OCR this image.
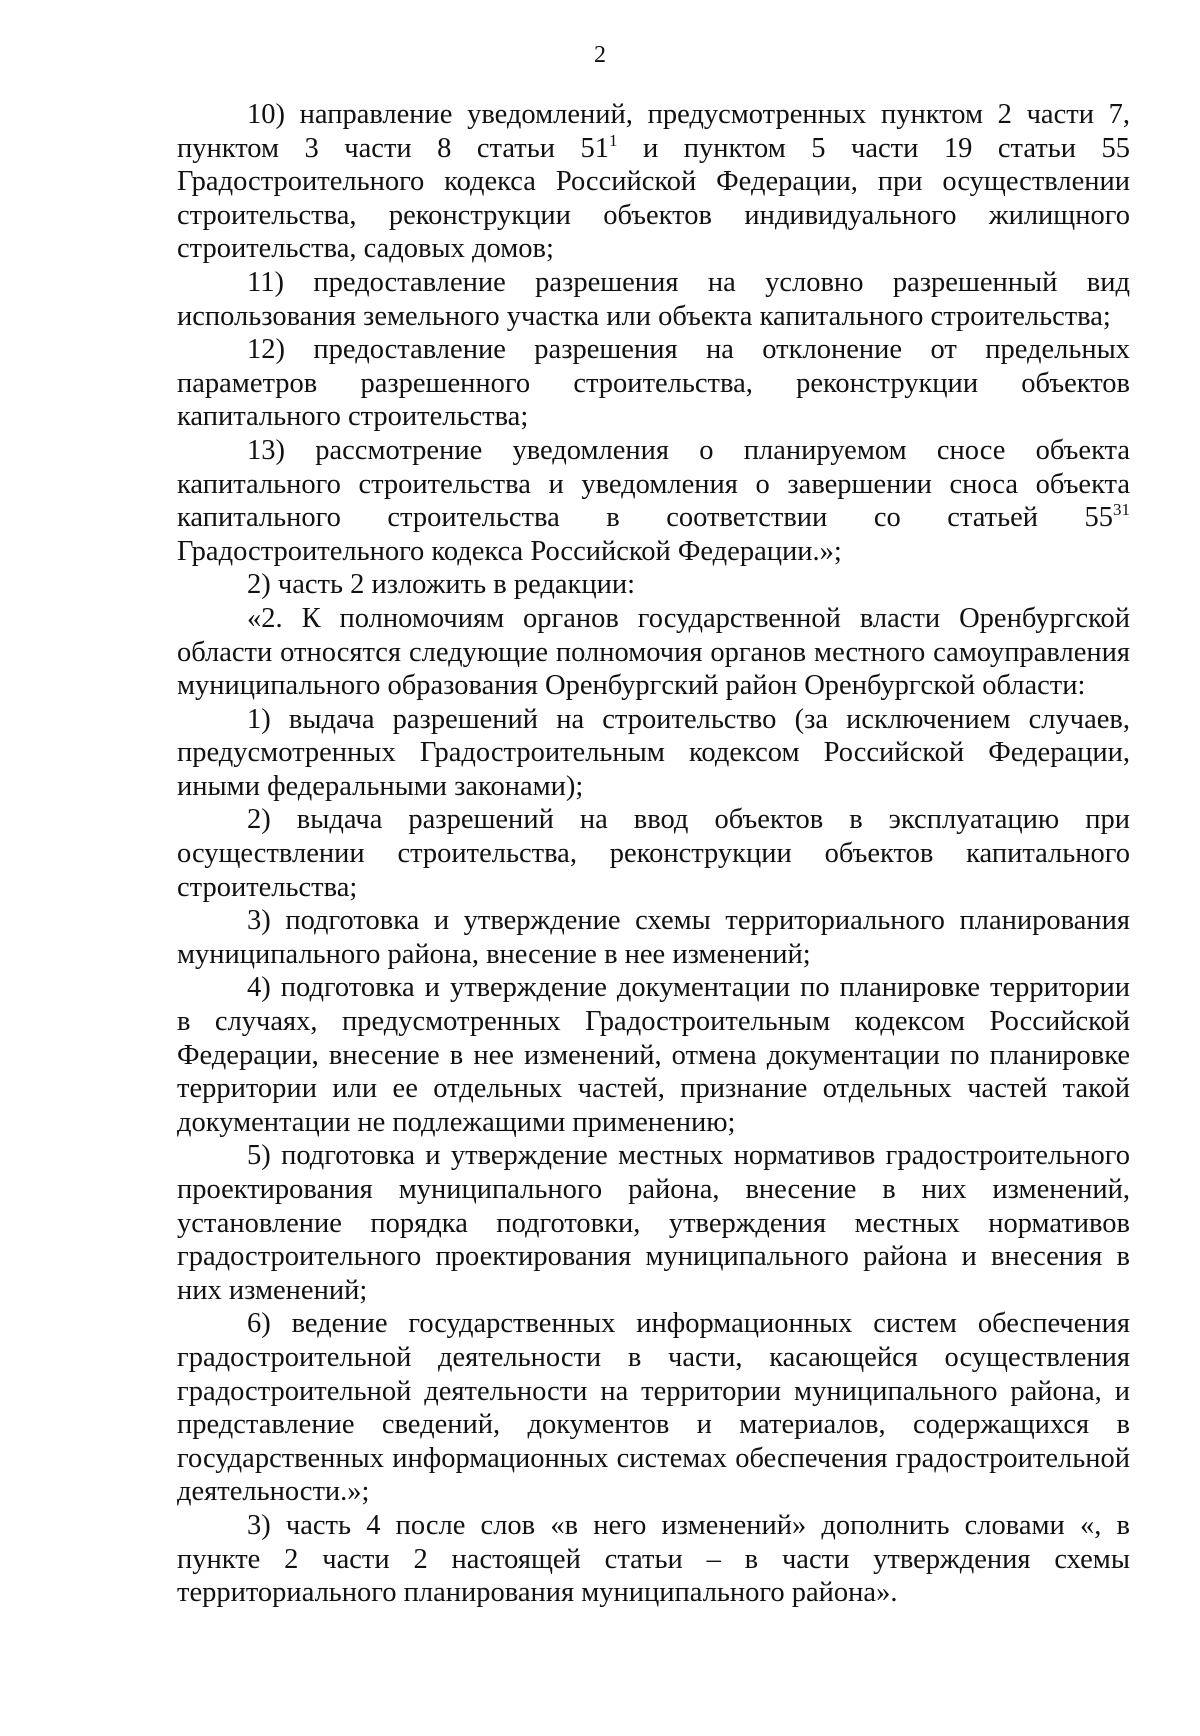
2

10) направление уведомлений, предусмотренных пунктом 2 части 7, пунктом 3 части 8 статьи $51^1$ и пунктом 5 части 19 статьи 55 Градостроительного кодекса Российской Федерации, при осуществлении строительства, реконструкции объектов индивидуального жилищного строительства, садовых домов;

11) предоставление разрешения на условно разрешенный вид использования земельного участка или объекта капитального строительства;

12) предоставление разрешения на отклонение от предельных параметров разрешенного строительства, реконструкции объектов капитального строительства;

13) рассмотрение уведомления о планируемом сносе объекта капитального строительства и уведомления о завершении сноса объекта капитального строительства в соответствии со статьей $55^{31}$ Градостроительного кодекса Российской Федерации.»;

2) часть 2 изложить в редакции:

«2. К полномочиям органов государственной власти Оренбургской области относятся следующие полномочия органов местного самоуправления муниципального образования Оренбургский район Оренбургской области:

1) выдача разрешений на строительство (за исключением случаев, предусмотренных Градостроительным кодексом Российской Федерации, иными федеральными законами);

2) выдача разрешений на ввод объектов в эксплуатацию при осуществлении строительства, реконструкции объектов капитального строительства;

3) подготовка и утверждение схемы территориального планирования муниципального района, внесение в нее изменений;

4) подготовка и утверждение документации по планировке территории в случаях, предусмотренных Градостроительным кодексом Российской Федерации, внесение в нее изменений, отмена документации по планировке территории или ее отдельных частей, признание отдельных частей такой документации не подлежащими применению;

5) подготовка и утверждение местных нормативов градостроительного проектирования муниципального района, внесение в них изменений, установление порядка подготовки, утверждения местных нормативов градостроительного проектирования муниципального района и внесения в них изменений;

6) ведение государственных информационных систем обеспечения градостроительной деятельности в части, касающейся осуществления градостроительной деятельности на территории муниципального района, и представление сведений, документов и материалов, содержащихся в государственных информационных системах обеспечения градостроительной деятельности.»;

3) часть 4 после слов «в него изменений» дополнить словами «, в пункте 2 части 2 настоящей статьи – в части утверждения схемы территориального планирования муниципального района».
